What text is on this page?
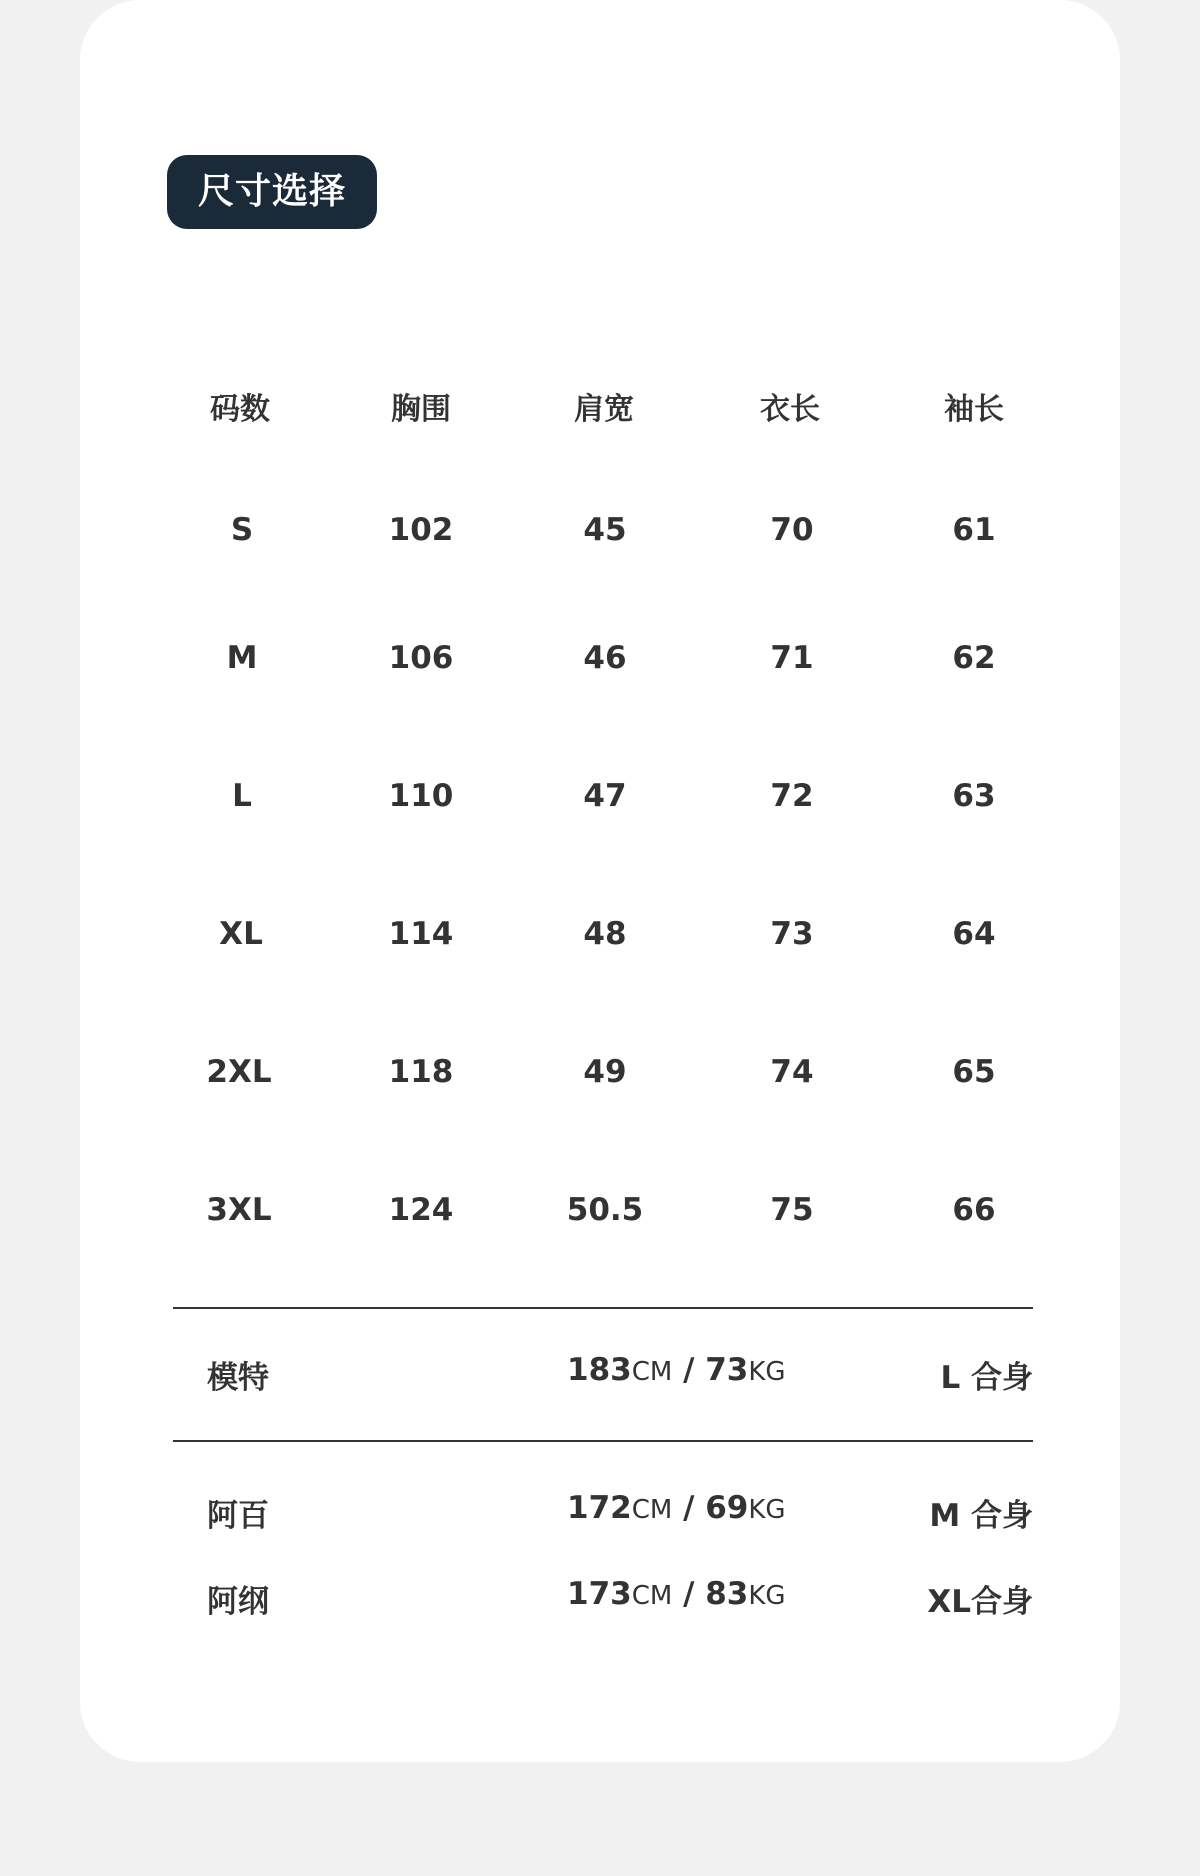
尺寸选择
码数	胸围	肩宽	衣长	袖长
S	102	45	70	61
M	106	46	71	62
L	110	47	72	63
XL	114	48	73	64
2XL	118	49	74	65
3XL	124	50.5	75	66
模特	183CM / 73KG	L 合身
阿百	172CM / 69KG	M 合身
阿纲	173CM / 83KG	XL合身
